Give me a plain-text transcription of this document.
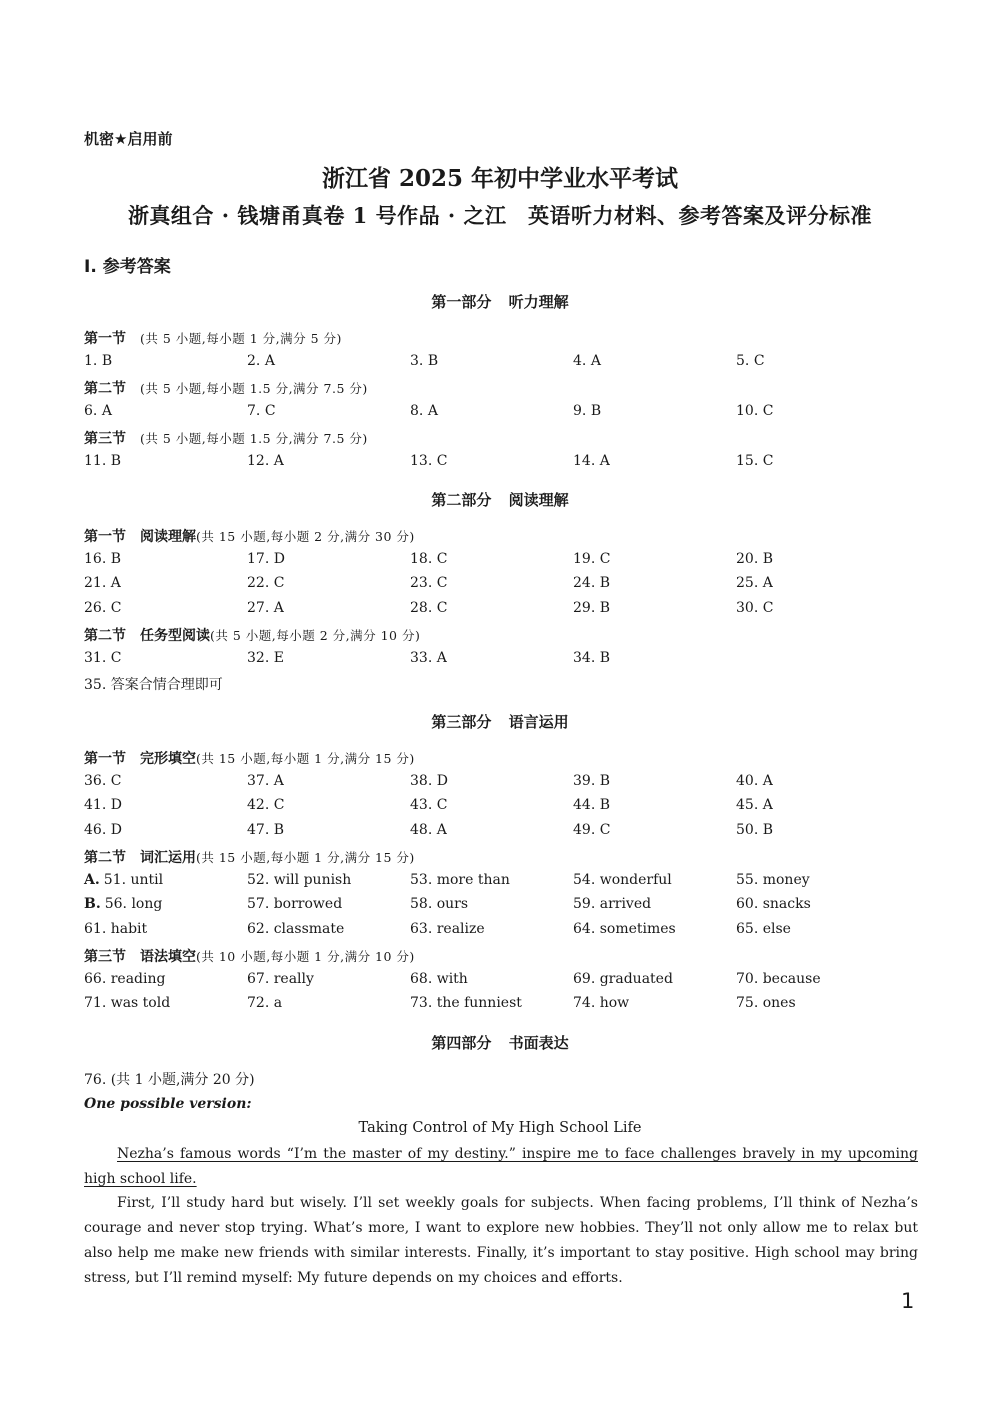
机密★启用前
浙江省 2025 年初中学业水平考试
浙真组合 · 钱塘甬真卷 1 号作品 · 之江　英语听力材料、参考答案及评分标准
Ⅰ. 参考答案
第一部分 听力理解
第一节 (共 5 小题,每小题 1 分,满分 5 分)
1. B	2. A	3. B	4. A	5. C
第二节 (共 5 小题,每小题 1.5 分,满分 7.5 分)
6. A	7. C	8. A	9. B	10. C
第三节 (共 5 小题,每小题 1.5 分,满分 7.5 分)
11. B	12. A	13. C	14. A	15. C
第二部分 阅读理解
第一节 阅读理解(共 15 小题,每小题 2 分,满分 30 分)
16. B	17. D	18. C	19. C	20. B
21. A	22. C	23. C	24. B	25. A
26. C	27. A	28. C	29. B	30. C
第二节 任务型阅读(共 5 小题,每小题 2 分,满分 10 分)
31. C	32. E	33. A	34. B
35. 答案合情合理即可
第三部分 语言运用
第一节 完形填空(共 15 小题,每小题 1 分,满分 15 分)
36. C	37. A	38. D	39. B	40. A
41. D	42. C	43. C	44. B	45. A
46. D	47. B	48. A	49. C	50. B
第二节 词汇运用(共 15 小题,每小题 1 分,满分 15 分)
A. 51. until	52. will punish	53. more than	54. wonderful	55. money
B. 56. long	57. borrowed	58. ours	59. arrived	60. snacks
61. habit	62. classmate	63. realize	64. sometimes	65. else
第三节 语法填空(共 10 小题,每小题 1 分,满分 10 分)
66. reading	67. really	68. with	69. graduated	70. because
71. was told	72. a	73. the funniest	74. how	75. ones
第四部分 书面表达
76. (共 1 小题,满分 20 分)
One possible version:
Taking Control of My High School Life

Nezha’s famous words “I’m the master of my destiny.” inspire me to face challenges bravely in my upcoming high school life.

First, I’ll study hard but wisely. I’ll set weekly goals for subjects. When facing problems, I’ll think of Nezha’s courage and never stop trying. What’s more, I want to explore new hobbies. They’ll not only allow me to relax but also help me make new friends with similar interests. Finally, it’s important to stay positive. High school may bring stress, but I’ll remind myself: My future depends on my choices and efforts.

1
